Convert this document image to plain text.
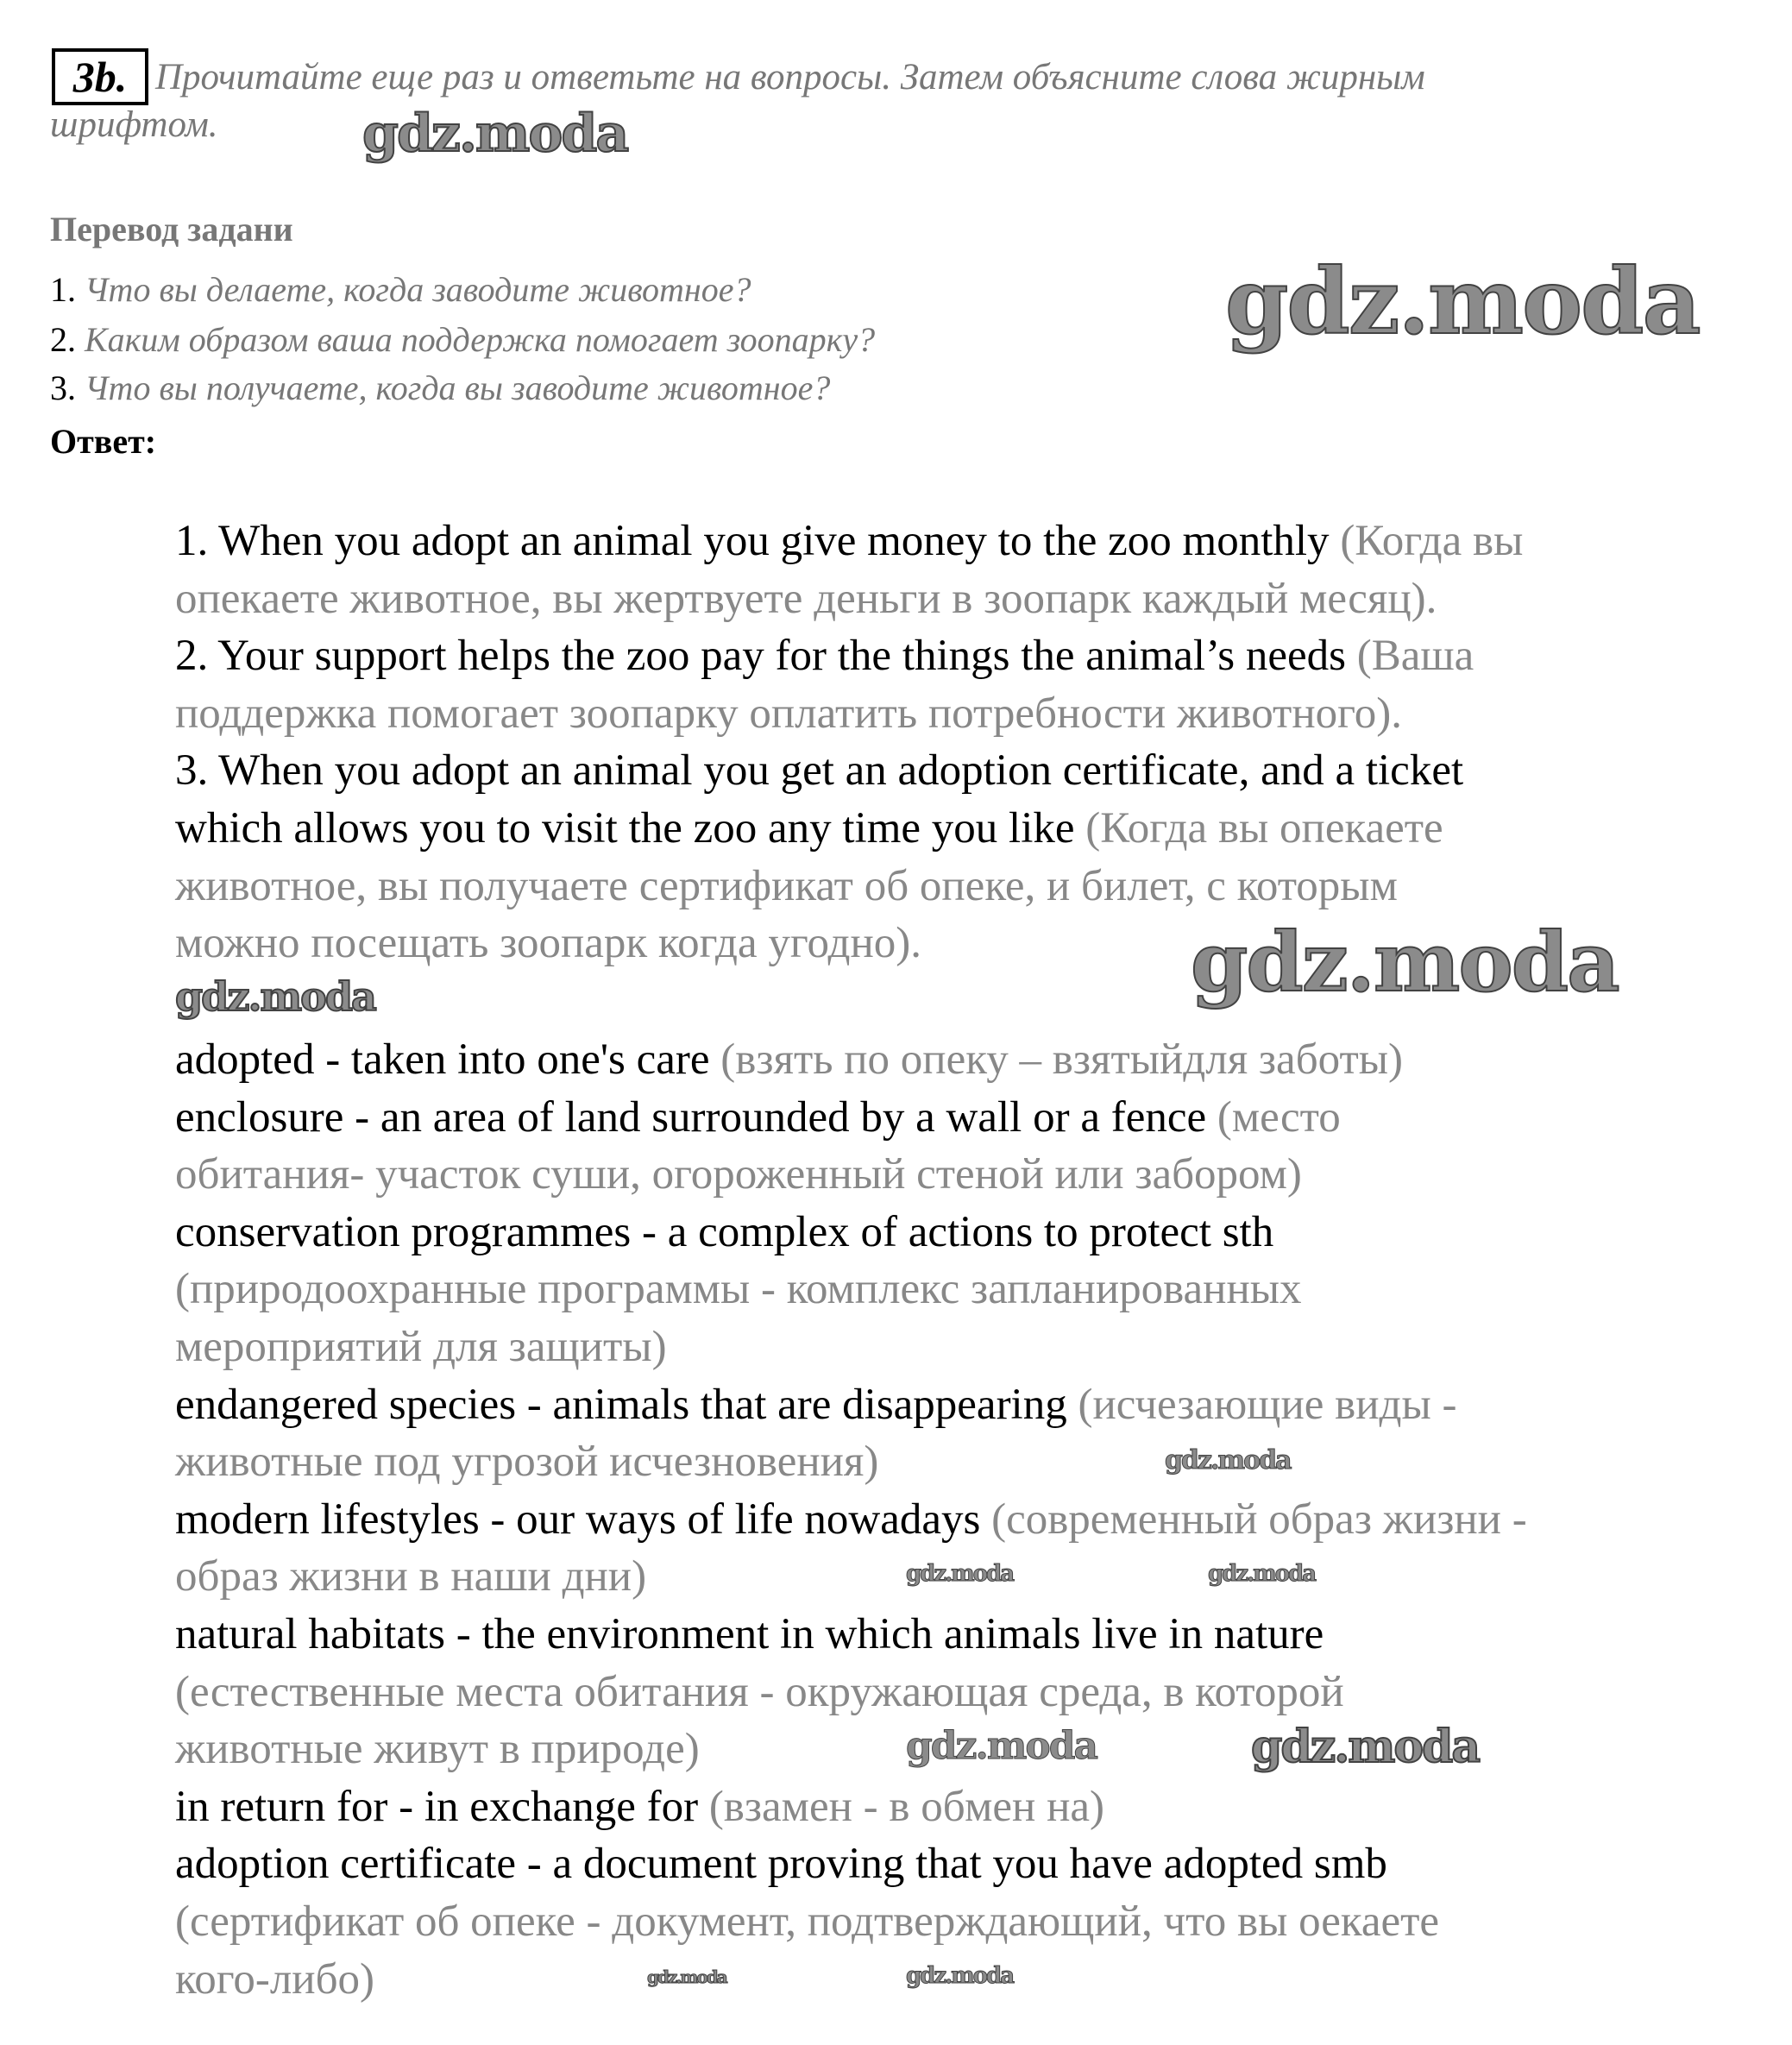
3b. Прочитайте еще раз и ответьте на вопросы. Затем объясните слова жирным
шрифтом.
Перевод задани
1. Что вы делаете, когда заводите животное?
2. Каким образом ваша поддержка помогает зоопарку?
3. Что вы получаете, когда вы заводите животное?
Ответ:
1. When you adopt an animal you give money to the zoo monthly (Когда вы
опекаете животное, вы жертвуете деньги в зоопарк каждый месяц).
2. Your support helps the zoo pay for the things the animal’s needs (Ваша
поддержка помогает зоопарку оплатить потребности животного).
3. When you adopt an animal you get an adoption certificate, and a ticket
which allows you to visit the zoo any time you like (Когда вы опекаете
животное, вы получаете сертификат об опеке, и билет, с которым
можно посещать зоопарк когда угодно).
adopted - taken into one's care (взять по опеку – взятыйдля заботы)
enclosure - an area of land surrounded by a wall or a fence (место
обитания- участок суши, огороженный стеной или забором)
conservation programmes - a complex of actions to protect sth
(природоохранные программы - комплекс запланированных
мероприятий для защиты)
endangered species - animals that are disappearing (исчезающие виды -
животные под угрозой исчезновения)
modern lifestyles - our ways of life nowadays (современный образ жизни -
образ жизни в наши дни)
natural habitats - the environment in which animals live in nature
(естественные места обитания - окружающая среда, в которой
животные живут в природе)
in return for - in exchange for (взамен - в обмен на)
adoption certificate - a document proving that you have adopted smb
(сертификат об опеке - документ, подтверждающий, что вы оекаете
кого-либо)
gdz.moda
gdz.moda
gdz.moda
gdz.moda
gdz.moda
gdz.moda	gdz.moda
gdz.moda	gdz.moda
gdz.moda	gdz.moda
